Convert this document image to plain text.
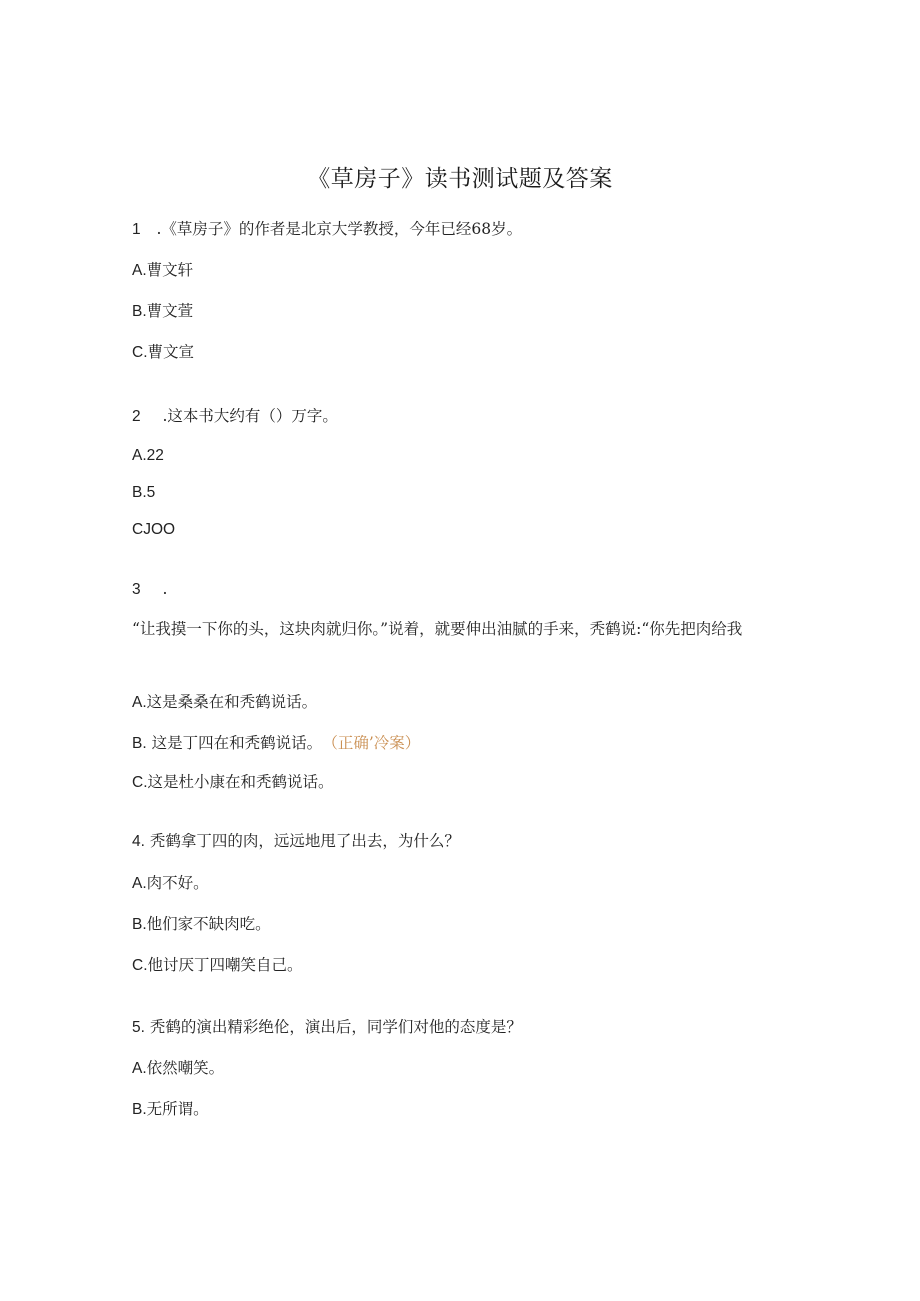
《草房子》读书测试题及答案
1 .《草房子》的作者是北京大学教授，今年已经68岁。
A.曹文轩
B.曹文萱
C.曹文宣
2 .这本书大约有（）万字。
A.22
B.5
CJOO
3 .
“让我摸一下你的头，这块肉就归你。”说着，就要伸出油腻的手来，秃鹤说:“你先把肉给我
A.这是桑桑在和秃鹤说话。
B. 这是丁四在和秃鹤说话。 （正确’冷案）
C.这是杜小康在和秃鹤说话。
4. 秃鹤拿丁四的肉，远远地甩了出去，为什么？
A.肉不好。
B.他们家不缺肉吃。
C.他讨厌丁四嘲笑自己。
5. 秃鹤的演出精彩绝伦，演出后，同学们对他的态度是？
A.依然嘲笑。
B.无所谓。
